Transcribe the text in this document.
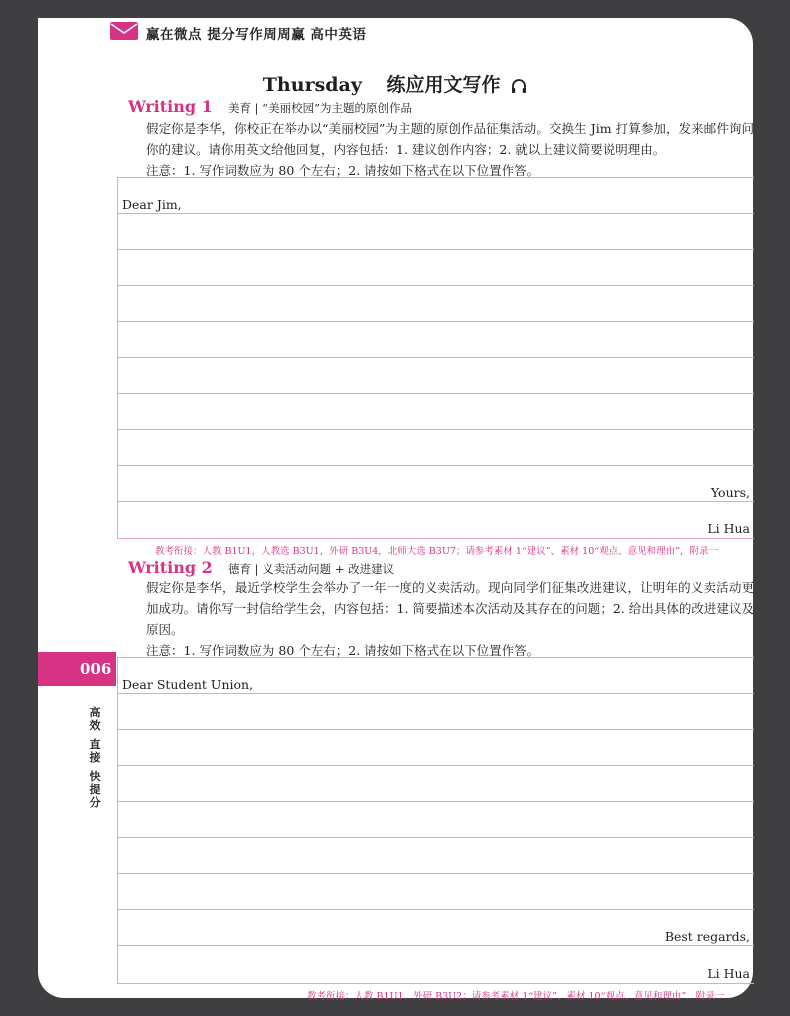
赢在微点 提分写作周周赢 高中英语
Thursday 练应用文写作
Writing 1 美育 | “美丽校园”为主题的原创作品
假定你是李华，你校正在举办以“美丽校园”为主题的原创作品征集活动。交换生 Jim 打算参加，发来邮件询问你的建议。请你用英文给他回复，内容包括：1. 建议创作内容；2. 就以上建议简要说明理由。
注意：1. 写作词数应为 80 个左右；2. 请按如下格式在以下位置作答。
Dear Jim,
Yours,
Li Hua
教考衔接：人教 B1U1，人教选 B3U1，外研 B3U4，北师大选 B3U7；请参考素材 1“建议”、素材 10“观点、意见和理由”，附录一
Writing 2 德育 | 义卖活动问题 + 改进建议
假定你是李华，最近学校学生会举办了一年一度的义卖活动。现向同学们征集改进建议，让明年的义卖活动更加成功。请你写一封信给学生会，内容包括：1. 简要描述本次活动及其存在的问题；2. 给出具体的改进建议及原因。
注意：1. 写作词数应为 80 个左右；2. 请按如下格式在以下位置作答。
Dear Student Union,
Best regards,
Li Hua
教考衔接：人教 B1U1，外研 B3U2；请参考素材 1“建议”、素材 10“观点、意见和理由”，附录一
006
高效
直接
快提分
